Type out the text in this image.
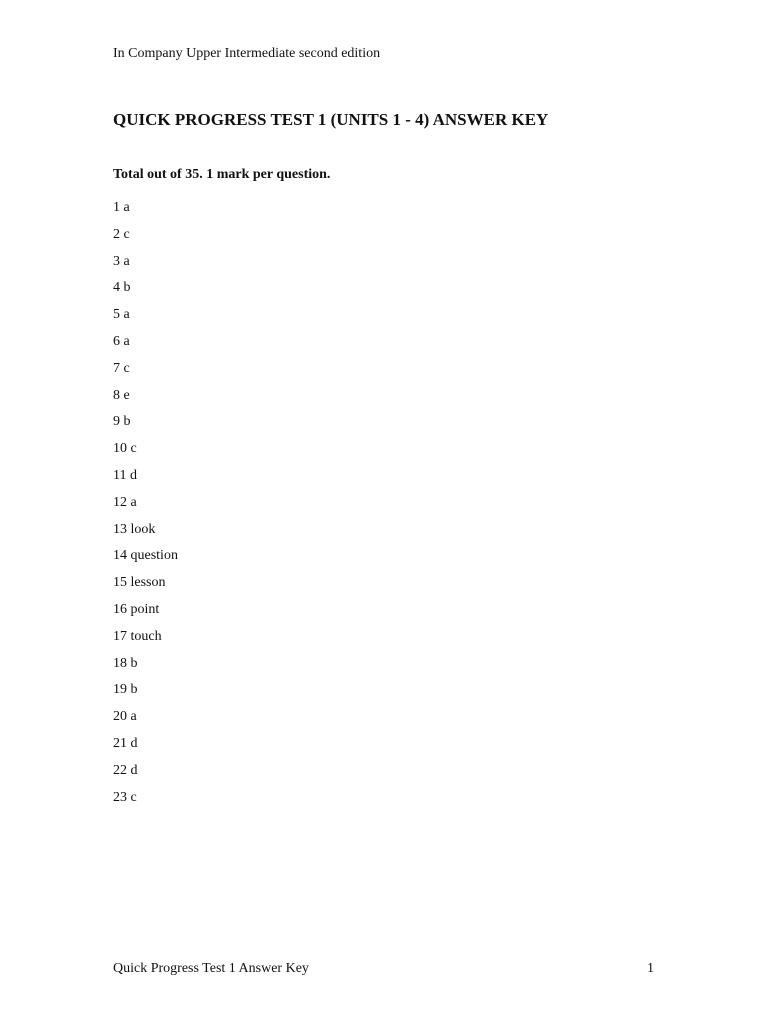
In Company Upper Intermediate second edition
QUICK PROGRESS TEST 1 (UNITS 1 - 4) ANSWER KEY
Total out of 35. 1 mark per question.
1 a
2 c
3 a
4 b
5 a
6 a
7 c
8 e
9 b
10 c
11 d
12 a
13 look
14 question
15 lesson
16 point
17 touch
18 b
19 b
20 a
21 d
22 d
23 c
Quick Progress Test 1 Answer Key	1
